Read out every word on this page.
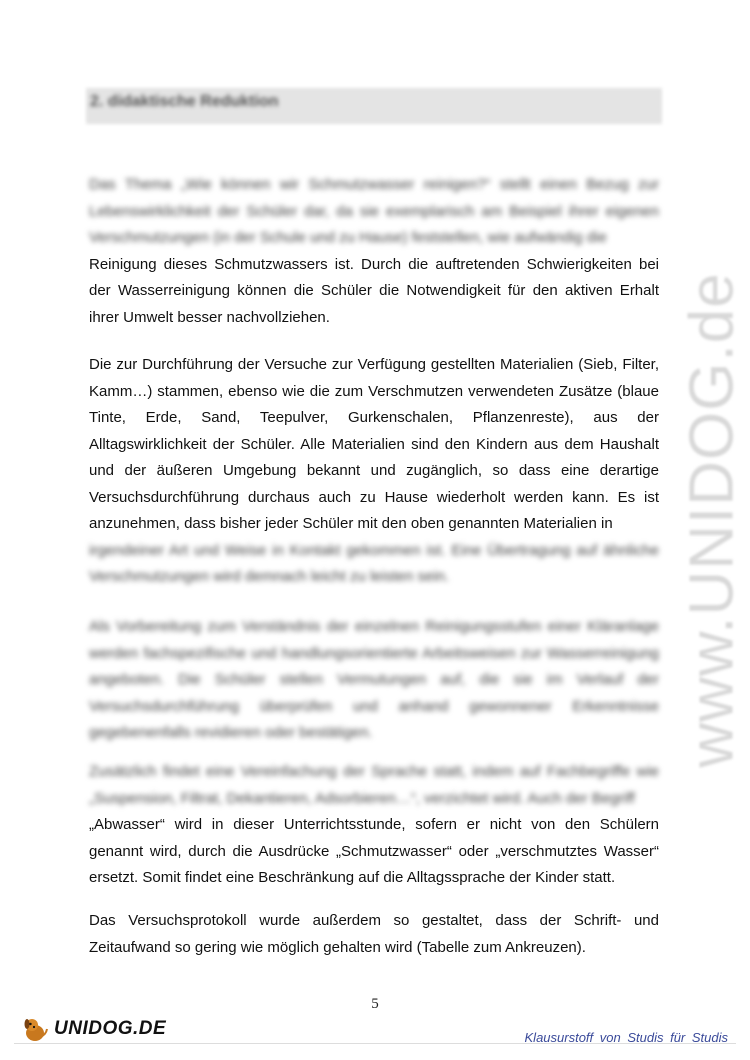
www.UNIDOG.de
2. didaktische Reduktion
Das Thema „Wie können wir Schmutzwasser reinigen?“ stellt einen Bezug zur Lebenswirklichkeit der Schüler dar, da sie exemplarisch am Beispiel ihrer eigenen Verschmutzungen (in der Schule und zu Hause) feststellen, wie aufwändig die
Reinigung dieses Schmutzwassers ist. Durch die auftretenden Schwierigkeiten bei der Wasserreinigung können die Schüler die Notwendigkeit für den aktiven Erhalt ihrer Umwelt besser nachvollziehen.
Die zur Durchführung der Versuche zur Verfügung gestellten Materialien (Sieb, Filter, Kamm…) stammen, ebenso wie die zum Verschmutzen verwendeten Zusätze (blaue Tinte, Erde, Sand, Teepulver, Gurkenschalen, Pflanzenreste), aus der Alltagswirklichkeit der Schüler. Alle Materialien sind den Kindern aus dem Haushalt und der äußeren Umgebung bekannt und zugänglich, so dass eine derartige Versuchsdurchführung durchaus auch zu Hause wiederholt werden kann. Es ist anzunehmen, dass bisher jeder Schüler mit den oben genannten Materialien in
irgendeiner Art und Weise in Kontakt gekommen ist. Eine Übertragung auf ähnliche Verschmutzungen wird demnach leicht zu leisten sein.
Als Vorbereitung zum Verständnis der einzelnen Reinigungsstufen einer Kläranlage werden fachspezifische und handlungsorientierte Arbeitsweisen zur Wasserreinigung angeboten. Die Schüler stellen Vermutungen auf, die sie im Verlauf der Versuchsdurchführung überprüfen und anhand gewonnener Erkenntnisse gegebenenfalls revidieren oder bestätigen.
Zusätzlich findet eine Vereinfachung der Sprache statt, indem auf Fachbegriffe wie „Suspension, Filtrat, Dekantieren, Adsorbieren…“, verzichtet wird. Auch der Begriff
„Abwasser“ wird in dieser Unterrichtsstunde, sofern er nicht von den Schülern genannt wird, durch die Ausdrücke „Schmutzwasser“ oder „verschmutztes Wasser“ ersetzt. Somit findet eine Beschränkung auf die Alltagssprache der Kinder statt.
Das Versuchsprotokoll wurde außerdem so gestaltet, dass der Schrift- und Zeitaufwand so gering wie möglich gehalten wird (Tabelle zum Ankreuzen).
5
UNIDOG.DE	Klausurstoff von Studis für Studis
